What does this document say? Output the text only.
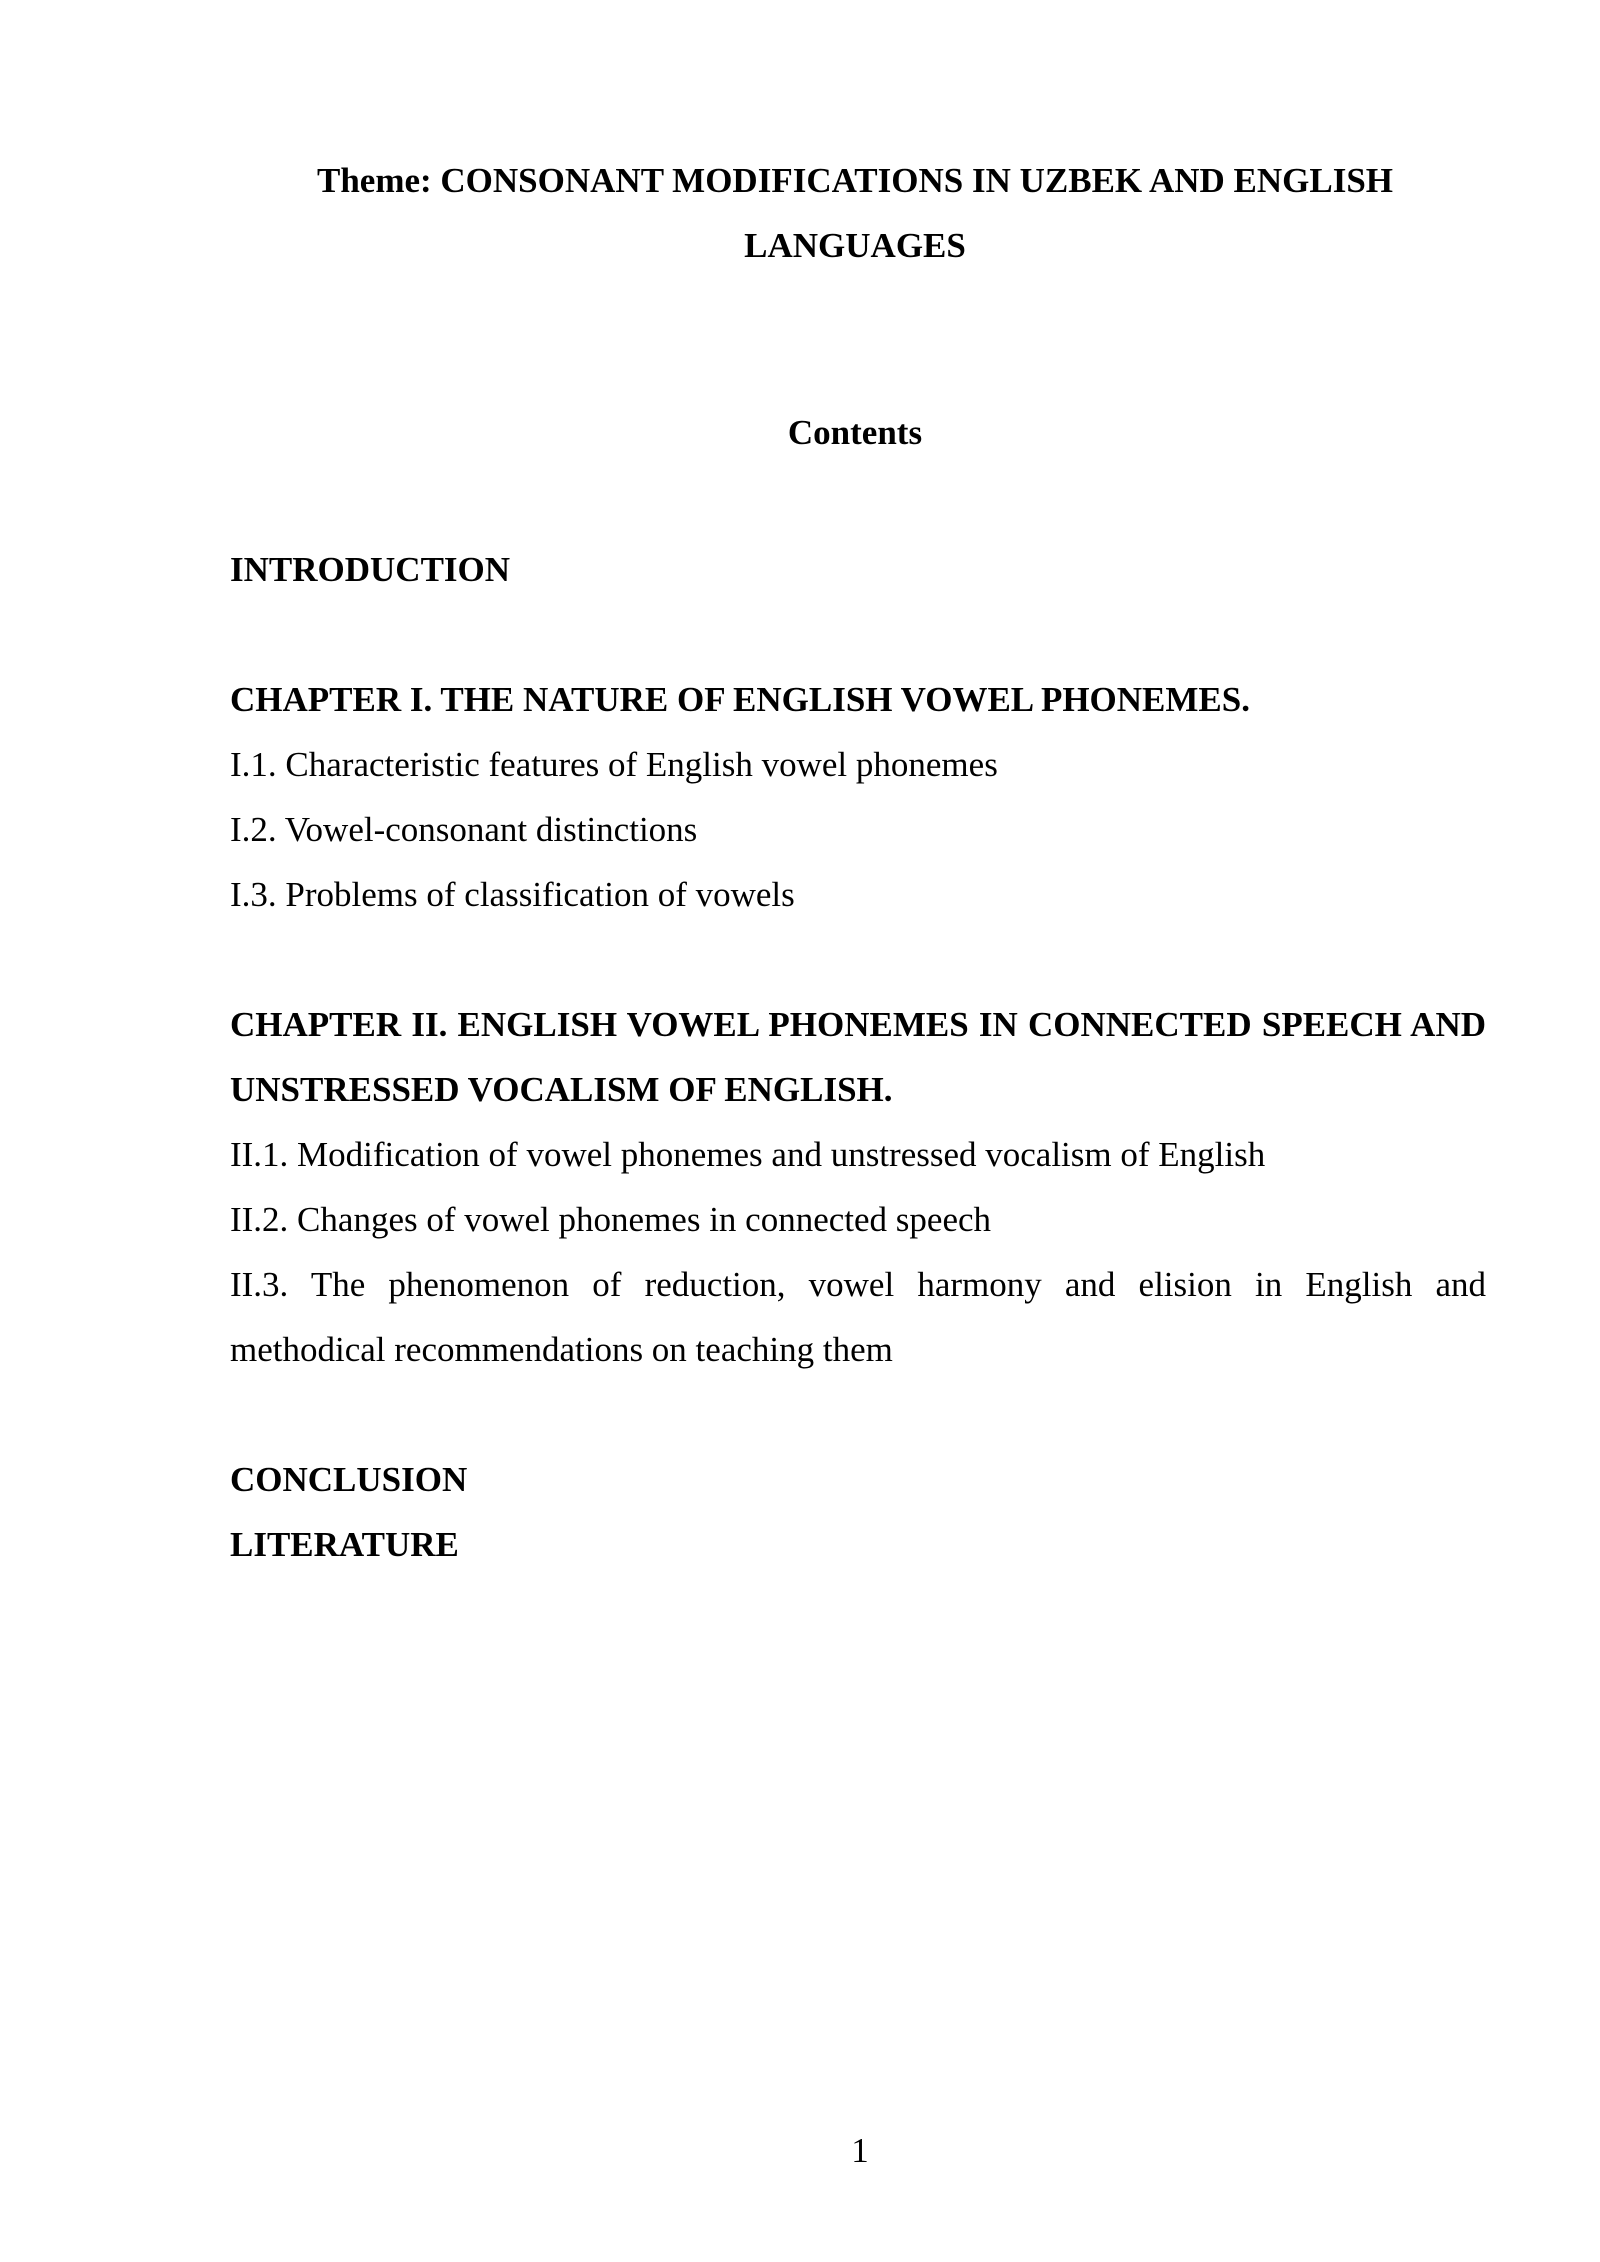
Theme: CONSONANT MODIFICATIONS IN UZBEK AND ENGLISH LANGUAGES
Contents

INTRODUCTION

CHAPTER I. THE NATURE OF ENGLISH VOWEL PHONEMES.

I.1. Characteristic features of English vowel phonemes

I.2. Vowel-consonant distinctions

I.3. Problems of classification of vowels

CHAPTER II. ENGLISH VOWEL PHONEMES IN CONNECTED SPEECH AND UNSTRESSED VOCALISM OF ENGLISH.

II.1. Modification of vowel phonemes and unstressed vocalism of English

II.2. Changes of vowel phonemes in connected speech

II.3. The phenomenon of reduction, vowel harmony and elision in English and methodical recommendations on teaching them

CONCLUSION

LITERATURE

1
